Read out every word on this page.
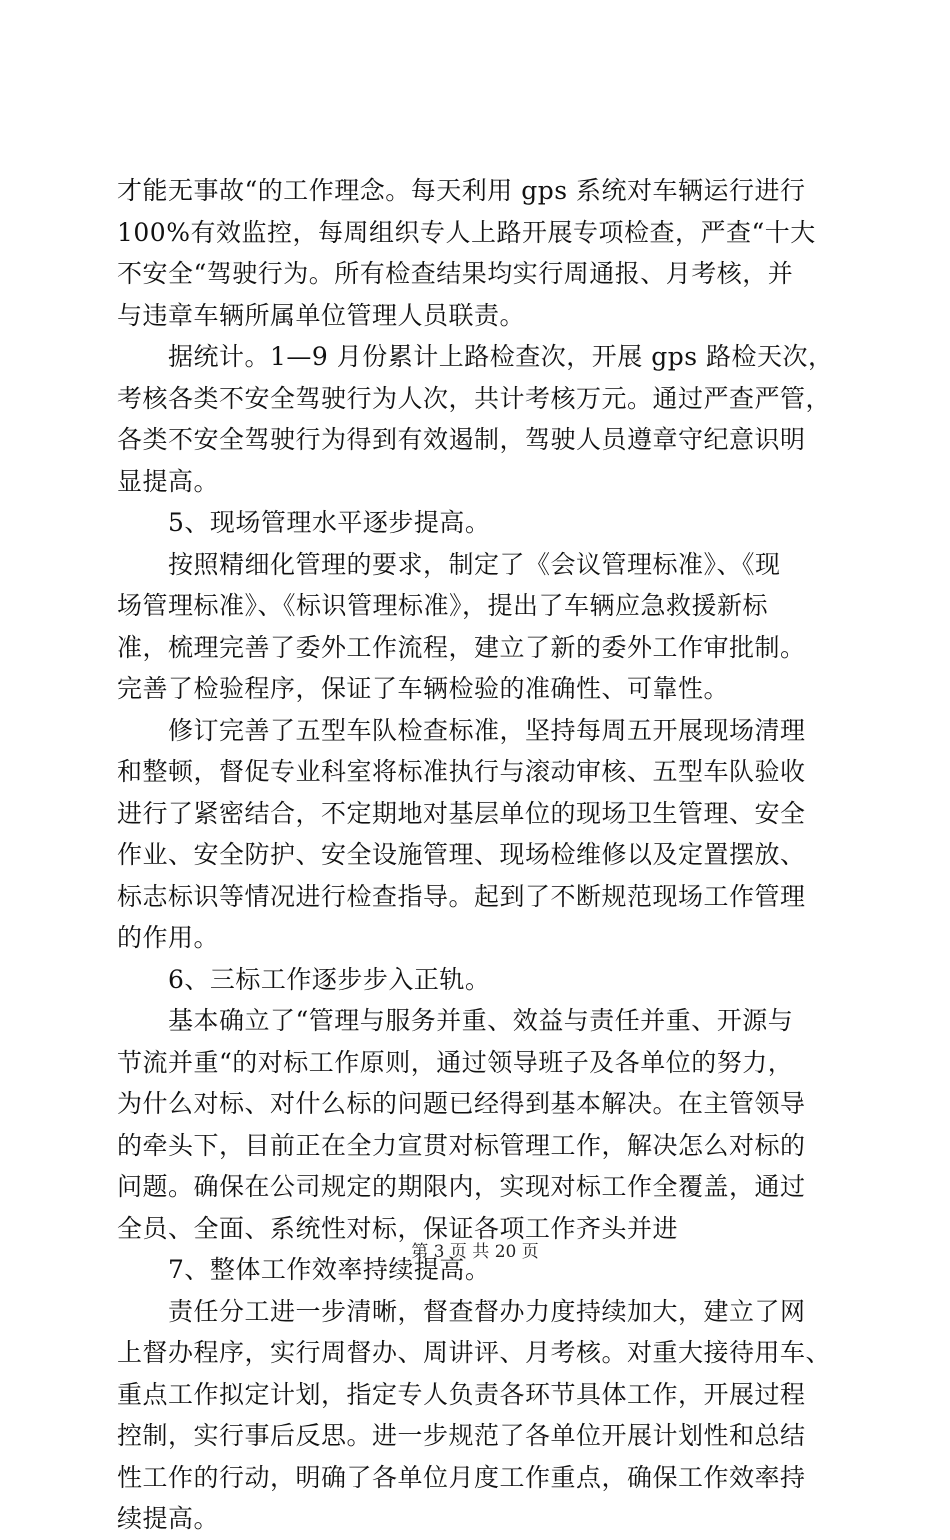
才能无事故“的工作理念。每天利用 gps 系统对车辆运行进行
100%有效监控，每周组织专人上路开展专项检查，严查“十大
不安全“驾驶行为。所有检查结果均实行周通报、月考核，并
与违章车辆所属单位管理人员联责。
　　据统计。1—9 月份累计上路检查次，开展 gps 路检天次，
考核各类不安全驾驶行为人次，共计考核万元。通过严查严管，
各类不安全驾驶行为得到有效遏制，驾驶人员遵章守纪意识明
显提高。
　　5、现场管理水平逐步提高。
　　按照精细化管理的要求，制定了《会议管理标准》、《现
场管理标准》、《标识管理标准》，提出了车辆应急救援新标
准，梳理完善了委外工作流程，建立了新的委外工作审批制。
完善了检验程序，保证了车辆检验的准确性、可靠性。
　　修订完善了五型车队检查标准，坚持每周五开展现场清理
和整顿，督促专业科室将标准执行与滚动审核、五型车队验收
进行了紧密结合，不定期地对基层单位的现场卫生管理、安全
作业、安全防护、安全设施管理、现场检维修以及定置摆放、
标志标识等情况进行检查指导。起到了不断规范现场工作管理
的作用。
　　6、三标工作逐步步入正轨。
　　基本确立了“管理与服务并重、效益与责任并重、开源与
节流并重“的对标工作原则，通过领导班子及各单位的努力，
为什么对标、对什么标的问题已经得到基本解决。在主管领导
的牵头下，目前正在全力宣贯对标管理工作，解决怎么对标的
问题。确保在公司规定的期限内，实现对标工作全覆盖，通过
全员、全面、系统性对标，保证各项工作齐头并进
　　7、整体工作效率持续提高。
　　责任分工进一步清晰，督查督办力度持续加大，建立了网
上督办程序，实行周督办、周讲评、月考核。对重大接待用车、
重点工作拟定计划，指定专人负责各环节具体工作，开展过程
控制，实行事后反思。进一步规范了各单位开展计划性和总结
性工作的行动，明确了各单位月度工作重点，确保工作效率持
续提高。
第 3 页 共 20 页
